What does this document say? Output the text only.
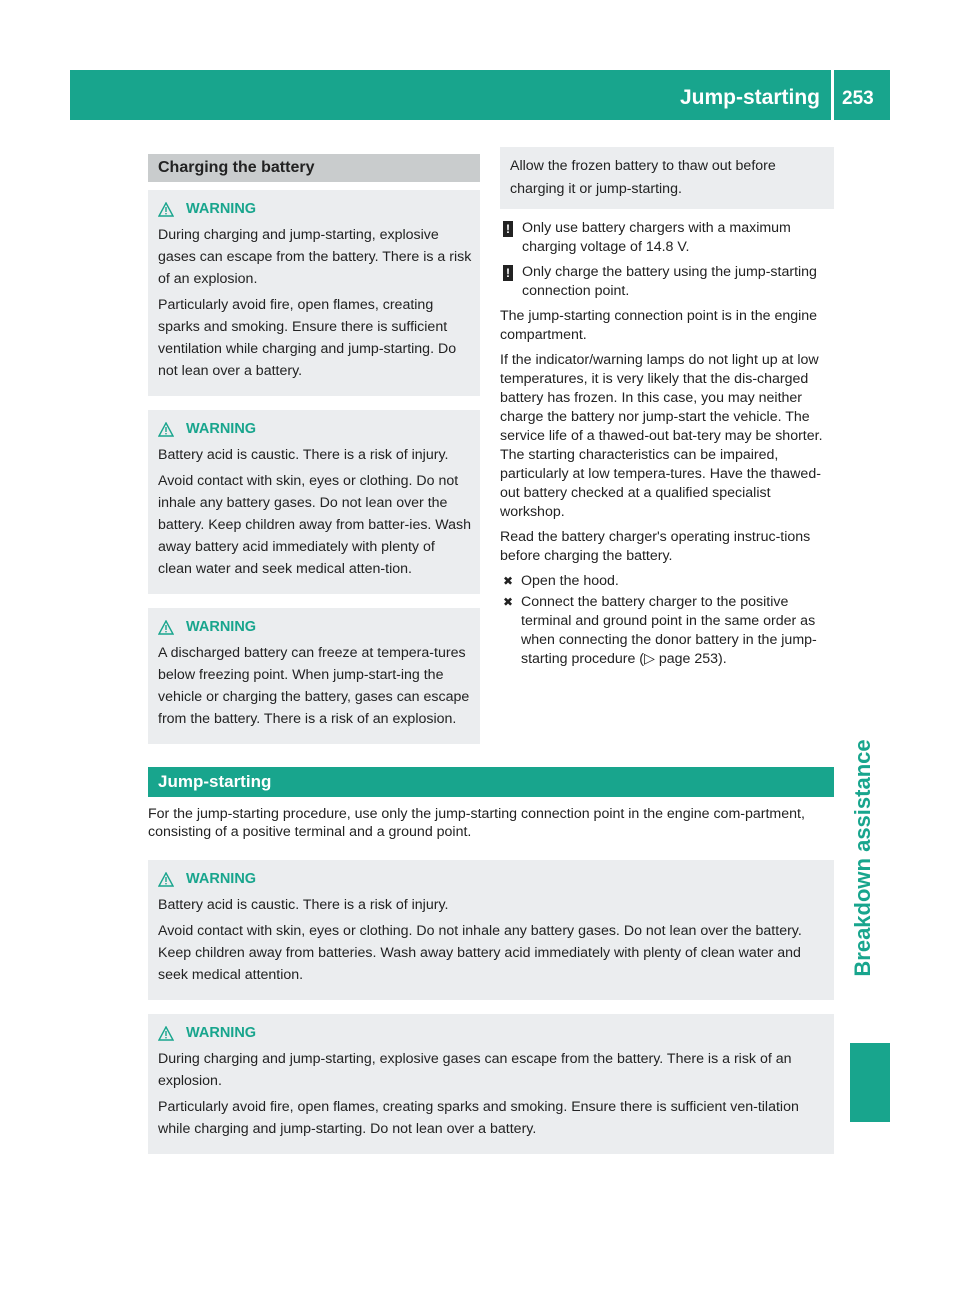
Jump-starting 253
Breakdown assistance
Charging the battery
WARNING

During charging and jump-starting, explosive gases can escape from the battery. There is a risk of an explosion.

Particularly avoid fire, open flames, creating sparks and smoking. Ensure there is sufficient ventilation while charging and jump-starting. Do not lean over a battery.

WARNING

Battery acid is caustic. There is a risk of injury.

Avoid contact with skin, eyes or clothing. Do not inhale any battery gases. Do not lean over the battery. Keep children away from batter-ies. Wash away battery acid immediately with plenty of clean water and seek medical atten-tion.

WARNING

A discharged battery can freeze at tempera-tures below freezing point. When jump-start-ing the vehicle or charging the battery, gases can escape from the battery. There is a risk of an explosion.

Allow the frozen battery to thaw out before charging it or jump-starting.
! Only use battery chargers with a maximum charging voltage of 14.8 V.
! Only charge the battery using the jump-starting connection point.
The jump-starting connection point is in the engine compartment.
If the indicator/warning lamps do not light up at low temperatures, it is very likely that the dis-charged battery has frozen. In this case, you may neither charge the battery nor jump-start the vehicle. The service life of a thawed-out bat-tery may be shorter. The starting characteristics can be impaired, particularly at low tempera-tures. Have the thawed-out battery checked at a qualified specialist workshop.
Read the battery charger's operating instruc-tions before charging the battery.
✖ Open the hood.
✖ Connect the battery charger to the positive terminal and ground point in the same order as when connecting the donor battery in the jump-starting procedure (▷ page 253).
Jump-starting
For the jump-starting procedure, use only the jump-starting connection point in the engine com-partment, consisting of a positive terminal and a ground point.
WARNING

Battery acid is caustic. There is a risk of injury.

Avoid contact with skin, eyes or clothing. Do not inhale any battery gases. Do not lean over the battery. Keep children away from batteries. Wash away battery acid immediately with plenty of clean water and seek medical attention.

WARNING

During charging and jump-starting, explosive gases can escape from the battery. There is a risk of an explosion.

Particularly avoid fire, open flames, creating sparks and smoking. Ensure there is sufficient ven-tilation while charging and jump-starting. Do not lean over a battery.
